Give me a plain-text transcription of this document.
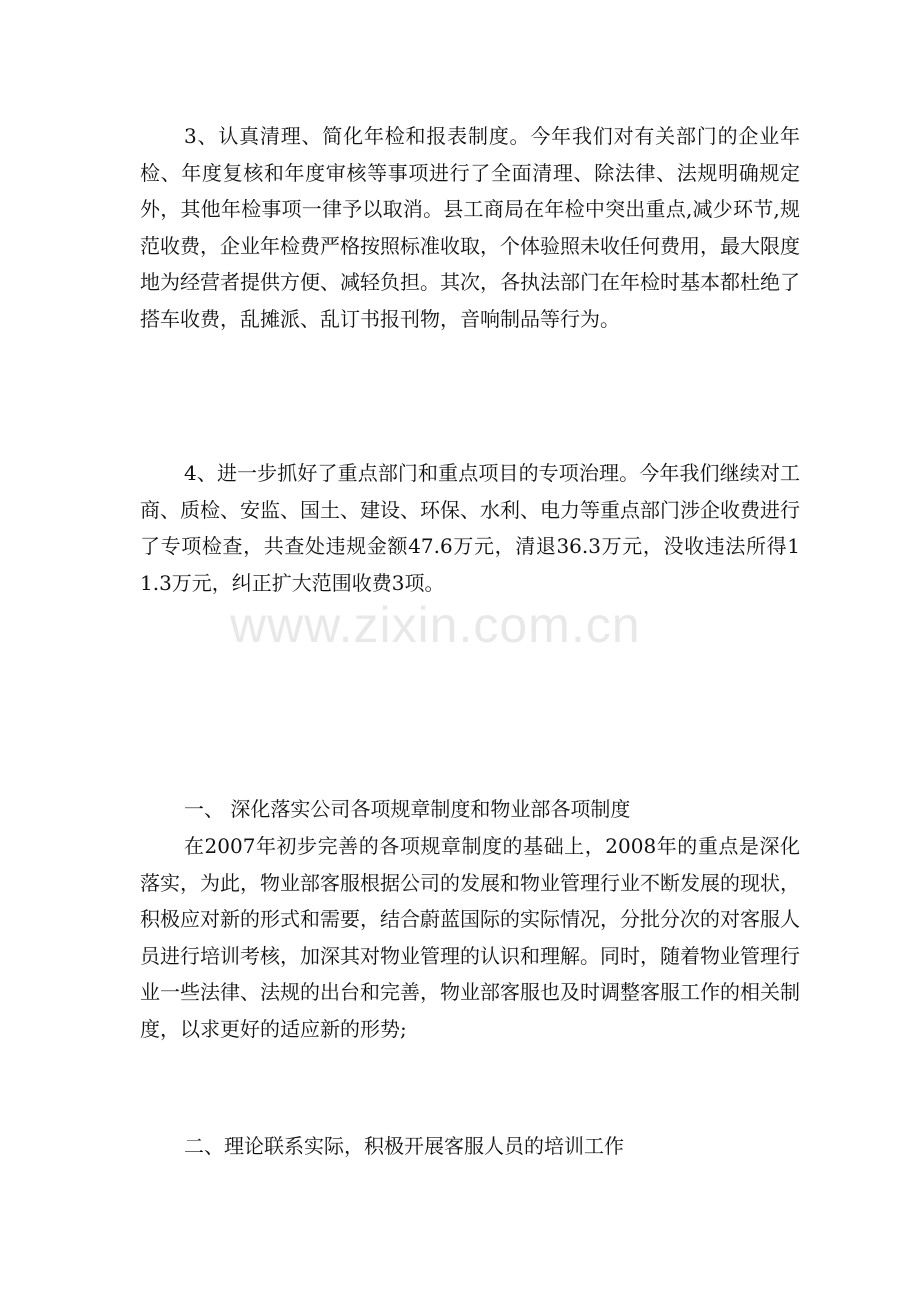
3、认真清理、简化年检和报表制度。今年我们对有关部门的企业年检、年度复核和年度审核等事项进行了全面清理、除法律、法规明确规定外，其他年检事项一律予以取消。县工商局在年检中突出重点,减少环节,规范收费，企业年检费严格按照标准收取，个体验照未收任何费用，最大限度地为经营者提供方便、减轻负担。其次，各执法部门在年检时基本都杜绝了搭车收费，乱摊派、乱订书报刊物，音响制品等行为。

4、进一步抓好了重点部门和重点项目的专项治理。今年我们继续对工商、质检、安监、国土、建设、环保、水利、电力等重点部门涉企收费进行了专项检查，共查处违规金额47.6万元，清退36.3万元，没收违法所得11.3万元，纠正扩大范围收费3项。

www.zixin.com.cn

一、 深化落实公司各项规章制度和物业部各项制度

在2007年初步完善的各项规章制度的基础上，2008年的重点是深化落实，为此，物业部客服根据公司的发展和物业管理行业不断发展的现状，积极应对新的形式和需要，结合蔚蓝国际的实际情况，分批分次的对客服人员进行培训考核，加深其对物业管理的认识和理解。同时，随着物业管理行业一些法律、法规的出台和完善，物业部客服也及时调整客服工作的相关制度，以求更好的适应新的形势;

二、理论联系实际，积极开展客服人员的培训工作
